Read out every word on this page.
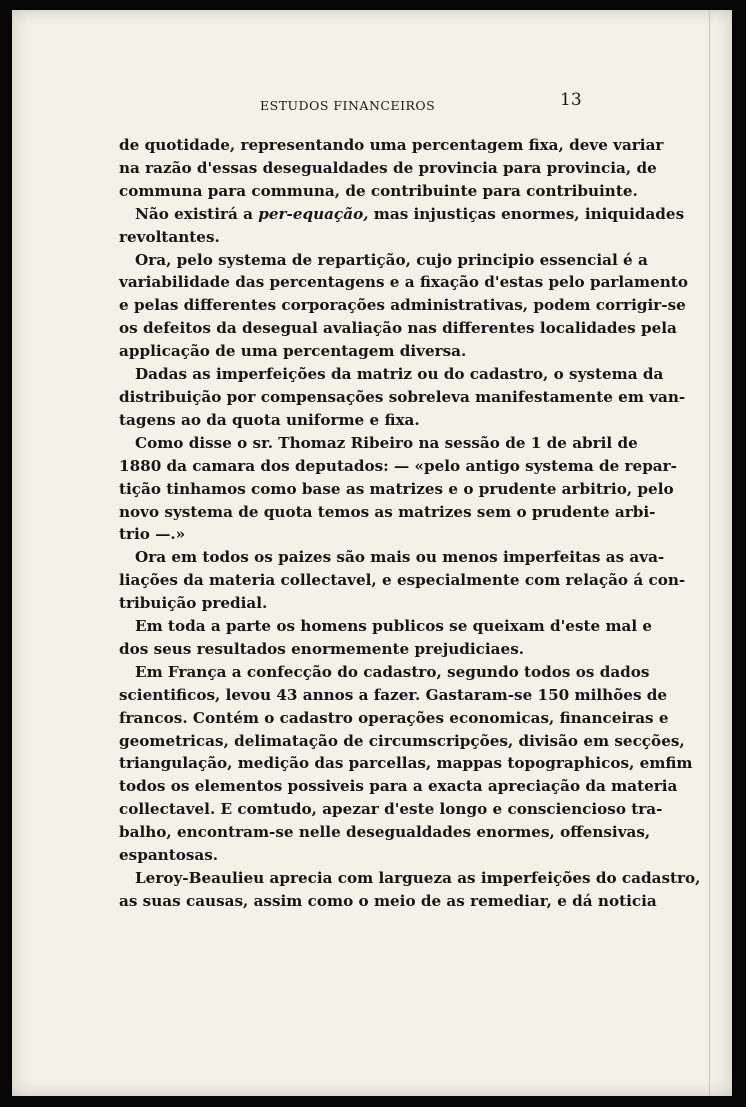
ESTUDOS FINANCEIROS	13
de quotidade, representando uma percentagem fixa, deve variar
na razão d'essas desegualdades de provincia para provincia, de
communa para communa, de contribuinte para contribuinte.
Não existirá a per-equação, mas injustiças enormes, iniquidades
revoltantes.
Ora, pelo systema de repartição, cujo principio essencial é a
variabilidade das percentagens e a fixação d'estas pelo parlamento
e pelas differentes corporações administrativas, podem corrigir-se
os defeitos da desegual avaliação nas differentes localidades pela
applicação de uma percentagem diversa.
Dadas as imperfeições da matriz ou do cadastro, o systema da
distribuição por compensações sobreleva manifestamente em van-
tagens ao da quota uniforme e fixa.
Como disse o sr. Thomaz Ribeiro na sessão de 1 de abril de
1880 da camara dos deputados: — «pelo antigo systema de repar-
tição tinhamos como base as matrizes e o prudente arbitrio, pelo
novo systema de quota temos as matrizes sem o prudente arbi-
trio —.»
Ora em todos os paizes são mais ou menos imperfeitas as ava-
liações da materia collectavel, e especialmente com relação á con-
tribuição predial.
Em toda a parte os homens publicos se queixam d'este mal e
dos seus resultados enormemente prejudiciaes.
Em França a confecção do cadastro, segundo todos os dados
scientificos, levou 43 annos a fazer. Gastaram-se 150 milhões de
francos. Contém o cadastro operações economicas, financeiras e
geometricas, delimatação de circumscripções, divisão em secções,
triangulação, medição das parcellas, mappas topographicos, emfim
todos os elementos possiveis para a exacta apreciação da materia
collectavel. E comtudo, apezar d'este longo e consciencioso tra-
balho, encontram-se nelle desegualdades enormes, offensivas,
espantosas.
Leroy-Beaulieu aprecia com largueza as imperfeições do cadastro,
as suas causas, assim como o meio de as remediar, e dá noticia
